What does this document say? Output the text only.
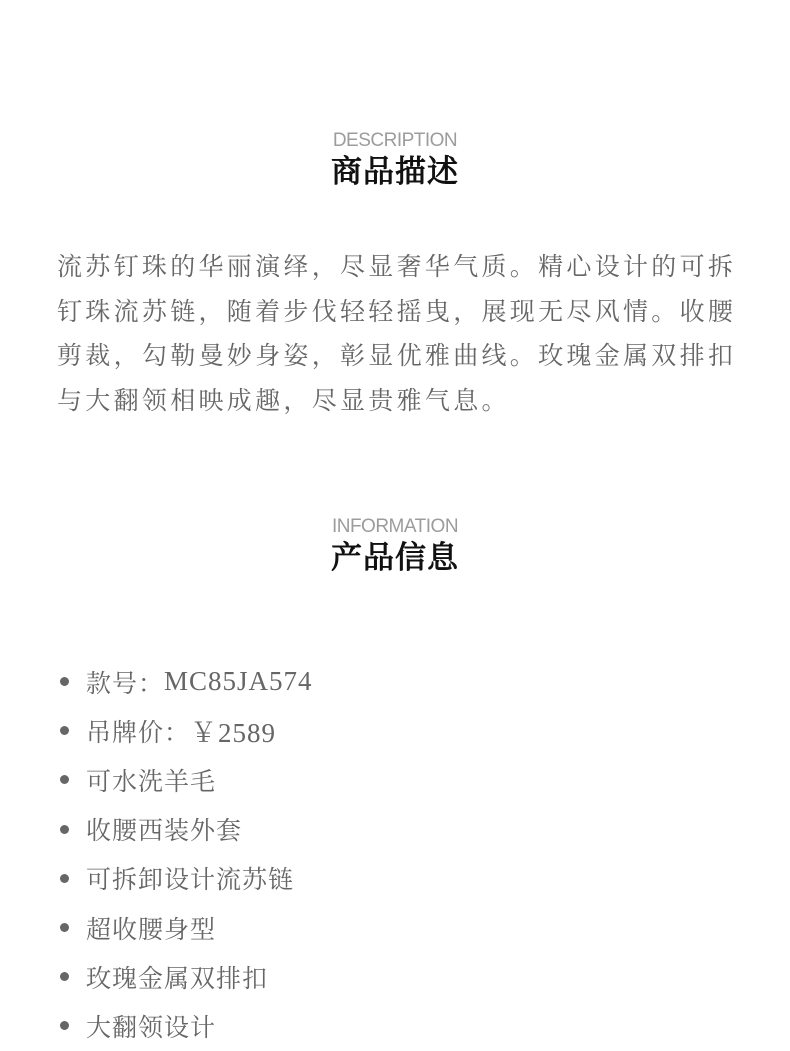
DESCRIPTION
商品描述

流苏钉珠的华丽演绎，尽显奢华气质。精心设计的可拆钉珠流苏链，随着步伐轻轻摇曳，展现无尽风情。收腰剪裁，勾勒曼妙身姿，彰显优雅曲线。玫瑰金属双排扣与大翻领相映成趣，尽显贵雅气息。

INFORMATION
产品信息
款号： MC85JA574
吊牌价： ￥2589
可水洗羊毛
收腰西装外套
可拆卸设计流苏链
超收腰身型
玫瑰金属双排扣
大翻领设计
